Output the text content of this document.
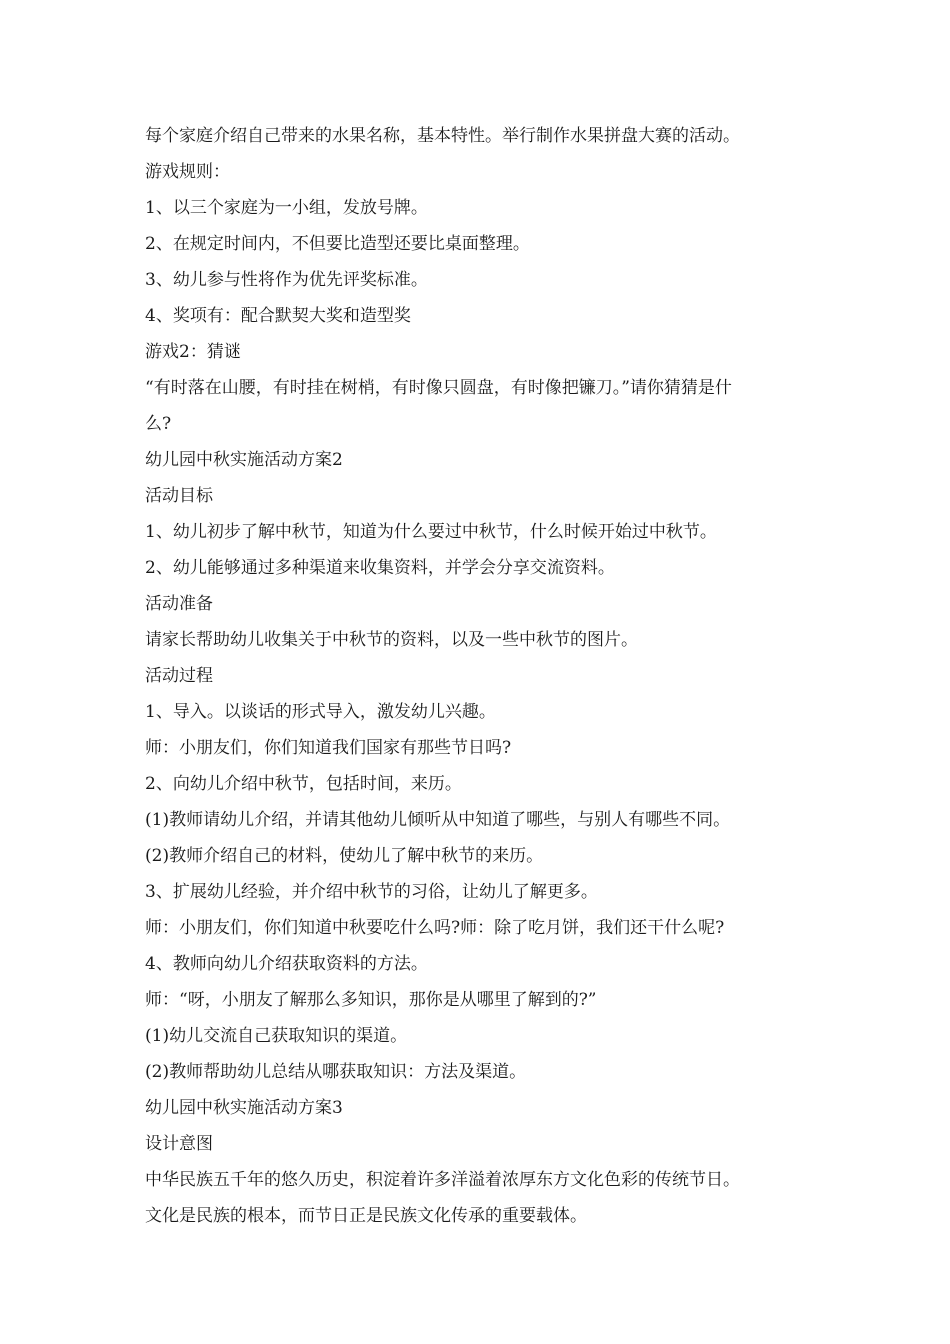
每个家庭介绍自己带来的水果名称，基本特性。举行制作水果拼盘大赛的活动。

游戏规则：

1、以三个家庭为一小组，发放号牌。

2、在规定时间内，不但要比造型还要比桌面整理。

3、幼儿参与性将作为优先评奖标准。

4、奖项有：配合默契大奖和造型奖

游戏2：猜谜

“有时落在山腰，有时挂在树梢，有时像只圆盘，有时像把镰刀。”请你猜猜是什

么?

幼儿园中秋实施活动方案2

活动目标

1、幼儿初步了解中秋节，知道为什么要过中秋节，什么时候开始过中秋节。

2、幼儿能够通过多种渠道来收集资料，并学会分享交流资料。

活动准备

请家长帮助幼儿收集关于中秋节的资料，以及一些中秋节的图片。

活动过程

1、导入。以谈话的形式导入，激发幼儿兴趣。

师：小朋友们，你们知道我们国家有那些节日吗?

2、向幼儿介绍中秋节，包括时间，来历。

(1)教师请幼儿介绍，并请其他幼儿倾听从中知道了哪些，与别人有哪些不同。

(2)教师介绍自己的材料，使幼儿了解中秋节的来历。

3、扩展幼儿经验，并介绍中秋节的习俗，让幼儿了解更多。

师：小朋友们，你们知道中秋要吃什么吗?师：除了吃月饼，我们还干什么呢?

4、教师向幼儿介绍获取资料的方法。

师：“呀，小朋友了解那么多知识，那你是从哪里了解到的?”

(1)幼儿交流自己获取知识的渠道。

(2)教师帮助幼儿总结从哪获取知识：方法及渠道。

幼儿园中秋实施活动方案3

设计意图

中华民族五千年的悠久历史，积淀着许多洋溢着浓厚东方文化色彩的传统节日。

文化是民族的根本，而节日正是民族文化传承的重要载体。
